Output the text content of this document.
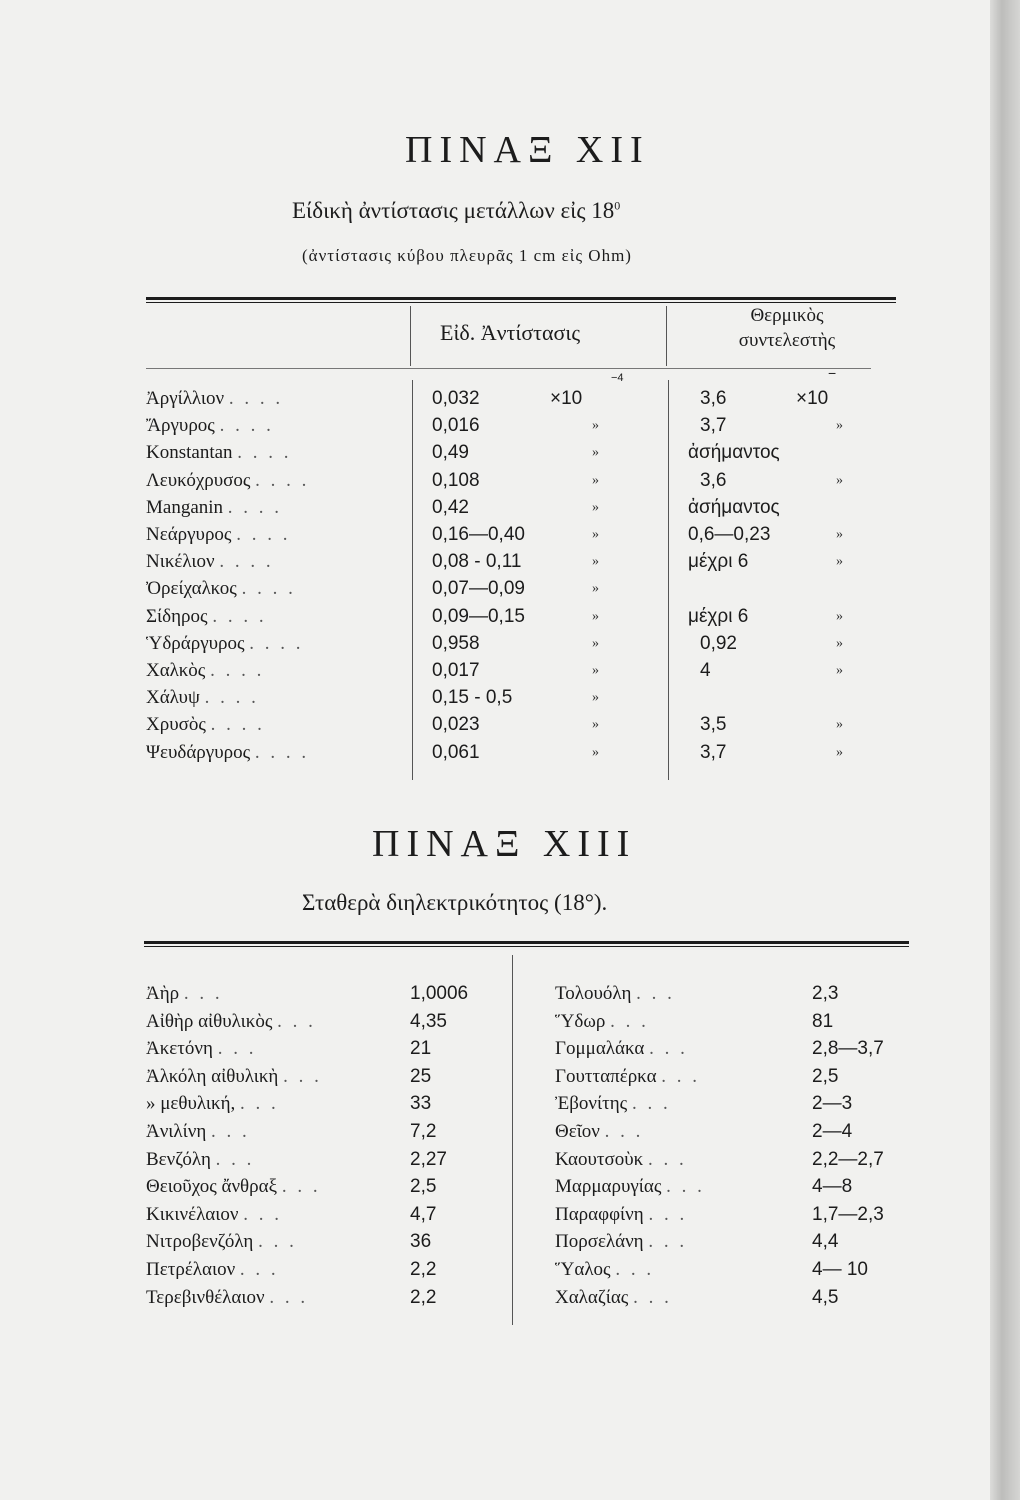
ΠΙΝΑΞ ΧΙΙ
Είδικὴ ἀντίστασις μετάλλων εἰς $18^0$
(ἀντίστασις κύβου πλευρᾶς 1 cm εἰς Ohm)
Εἰδ. Ἀντίστασις
Θερμικὸς
συντελεστὴς
−4	−
Ἀργίλλιον . . . .	0,032	×10	3,6	×10
Ἄργυρος . . . .	0,016	»	3,7	»
Konstantan . . . .	0,49	»	ἀσήμαντος
Λευκόχρυσος . . . .	0,108	»	3,6	»
Manganin . . . .	0,42	»	ἀσήμαντος
Νεάργυρος . . . .	0,16—0,40	»	0,6—0,23	»
Νικέλιον . . . .	0,08 - 0,11	»	μέχρι 6	»
Ὀρείχαλκος . . . .	0,07—0,09	»
Σίδηρος . . . .	0,09—0,15	»	μέχρι 6	»
Ὑδράργυρος . . . .	0,958	»	0,92	»
Χαλκὸς . . . .	0,017	»	4	»
Χάλυψ . . . .	0,15 - 0,5	»
Χρυσὸς . . . .	0,023	»	3,5	»
Ψευδάργυρος . . . .	0,061	»	3,7	»
ΠΙΝΑΞ ΧΙΙΙ
Σταθερὰ διηλεκτρικότητος (18°).
Ἀὴρ . . .	1,0006
Αἰθὴρ αἰθυλικὸς . . .	4,35
Ἀκετόνη . . .	21
Ἀλκόλη αἰθυλικὴ . . .	25
» μεθυλική, . . .	33
Ἀνιλίνη . . .	7,2
Βενζόλη . . .	2,27
Θειοῦχος ἄνθραξ . . .	2,5
Κικινέλαιον . . .	4,7
Νιτροβενζόλη . . .	36
Πετρέλαιον . . .	2,2
Τερεβινθέλαιον . . .	2,2
Τολουόλη . . .	2,3
Ὕδωρ . . .	81
Γομμαλάκα . . .	2,8—3,7
Γουτταπέρκα . . .	2,5
Ἐβονίτης . . .	2—3
Θεῖον . . .	2—4
Καουτσοὺκ . . .	2,2—2,7
Μαρμαρυγίας . . .	4—8
Παραφφίνη . . .	1,7—2,3
Πορσελάνη . . .	4,4
Ὕαλος . . .	4— 10
Χαλαζίας . . .	4,5
